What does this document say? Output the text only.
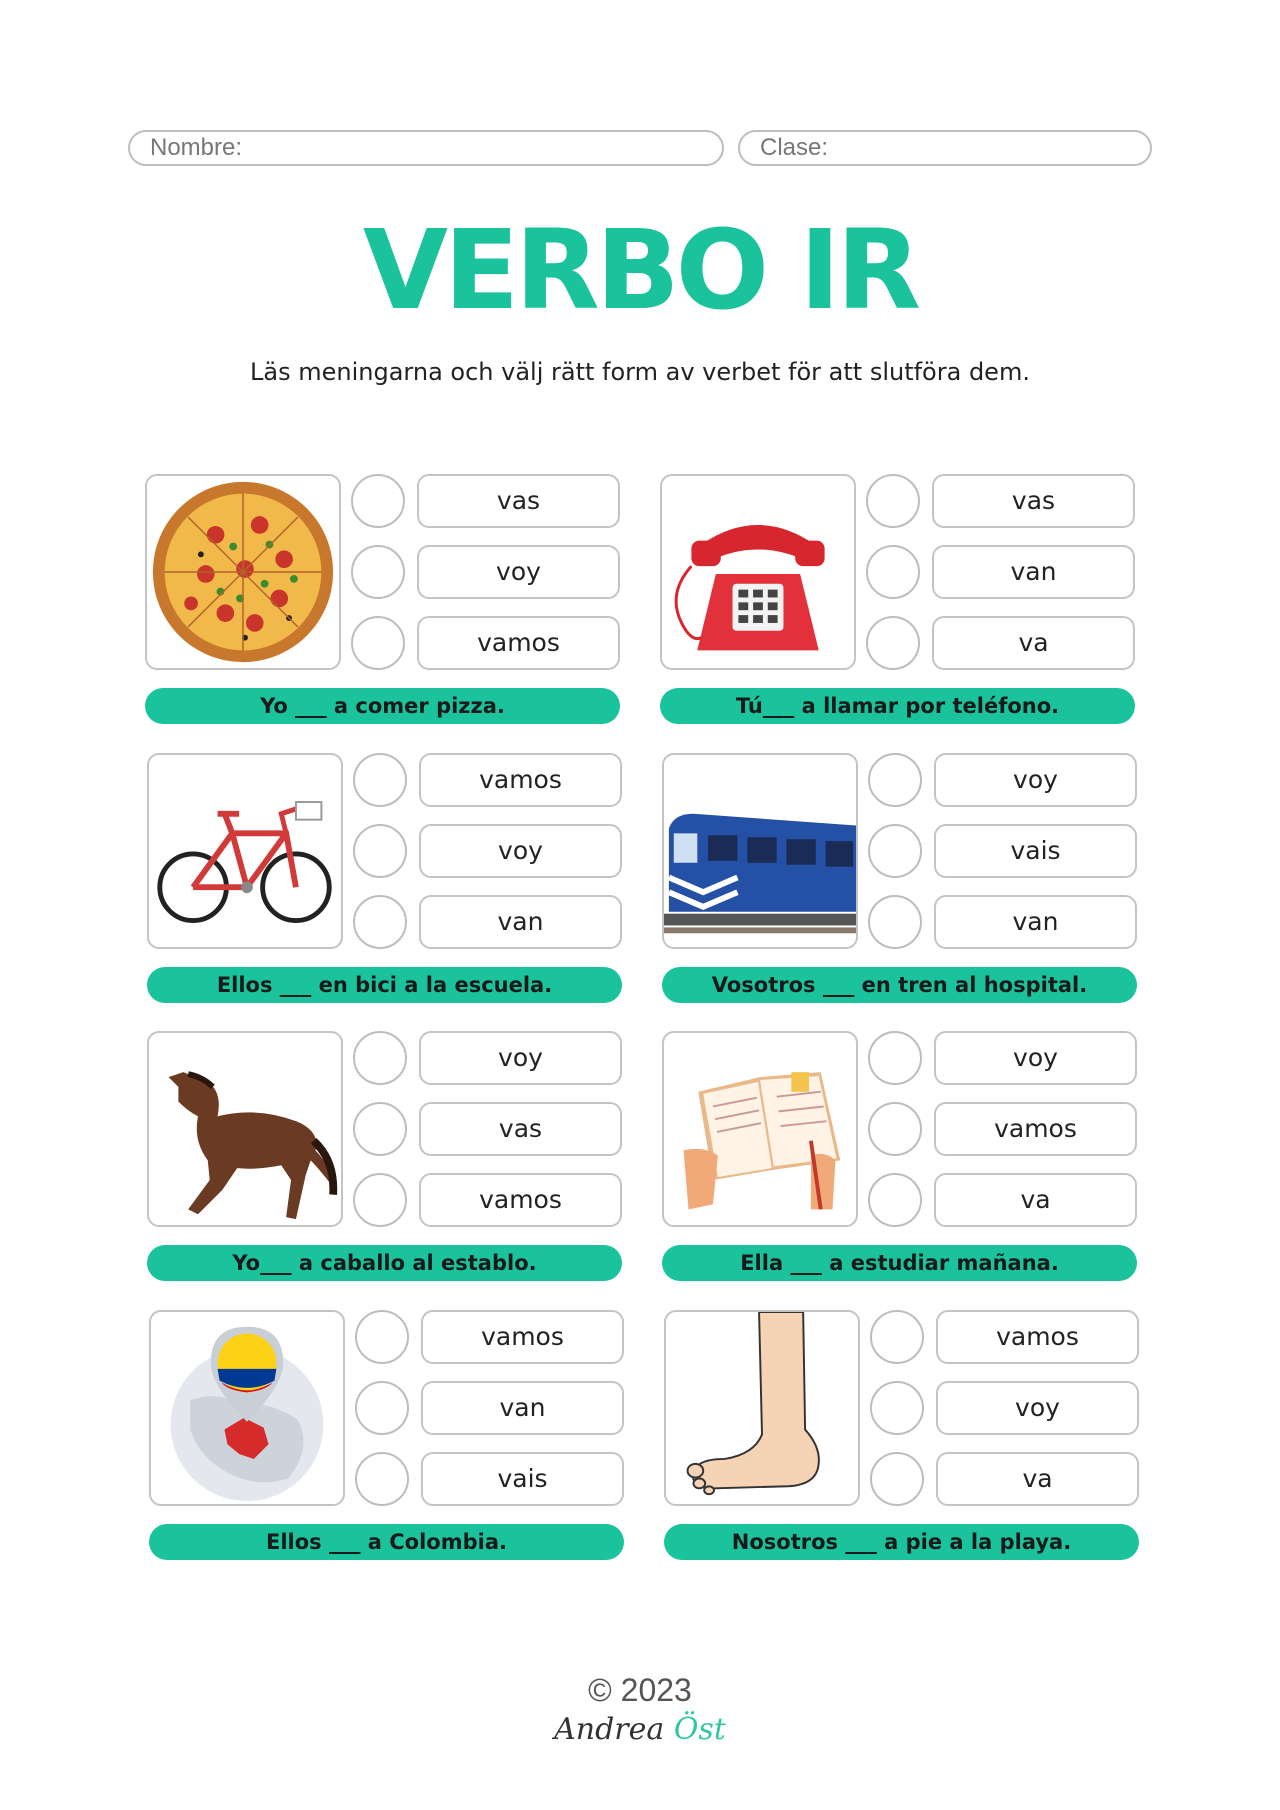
Nombre:	Clase:
VERBO IR
Läs meningarna och välj rätt form av verbet för att slutföra dem.
vas
voy
vamos
Yo ___ a comer pizza.
vas
van
va
Tú___ a llamar por teléfono.
vamos
voy
van
Ellos ___ en bici a la escuela.
voy
vais
van
Vosotros ___ en tren al hospital.
voy
vas
vamos
Yo___ a caballo al establo.
voy
vamos
va
Ella ___ a estudiar mañana.
vamos
van
vais
Ellos ___ a Colombia.
vamos
voy
va
Nosotros ___ a pie a la playa.
© 2023
Andrea Öst
